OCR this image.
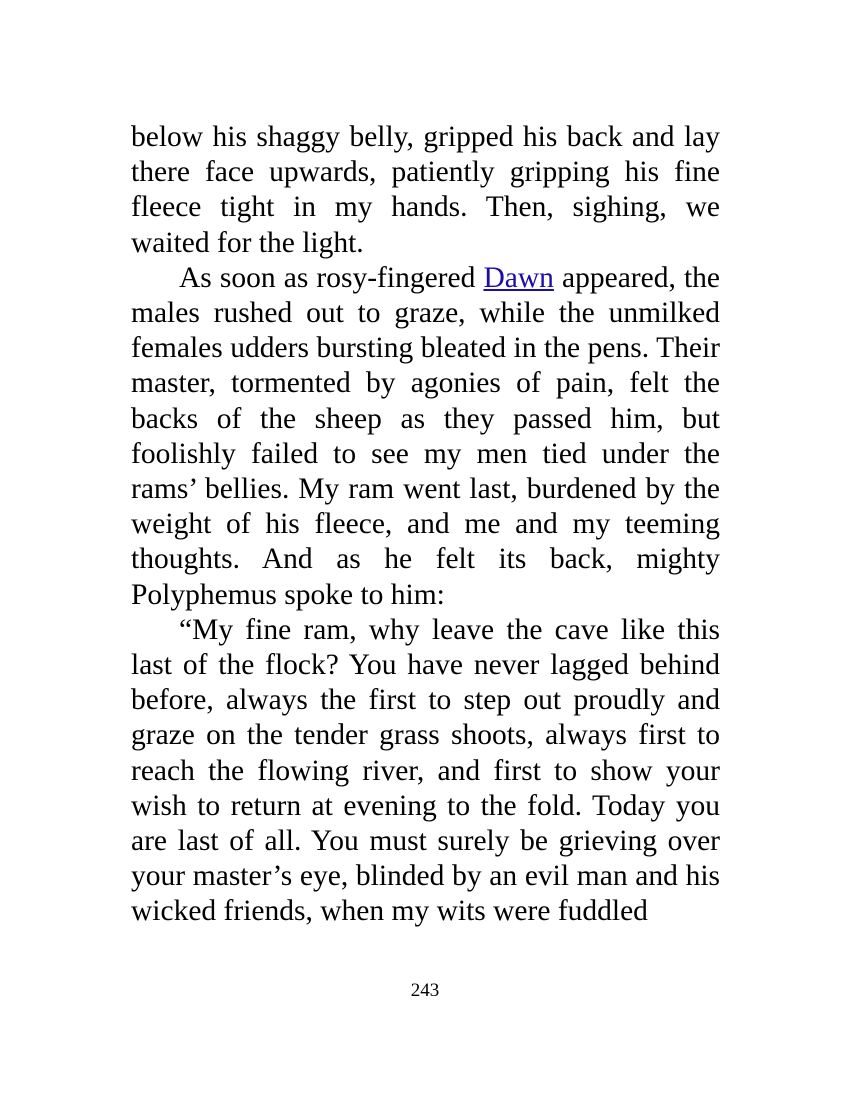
below his shaggy belly, gripped his back and lay there face upwards, patiently gripping his fine fleece tight in my hands. Then, sighing, we waited for the light.

As soon as rosy-fingered Dawn appeared, the males rushed out to graze, while the unmilked females udders bursting bleated in the pens. Their master, tormented by agonies of pain, felt the backs of the sheep as they passed him, but foolishly failed to see my men tied under the rams’ bellies. My ram went last, burdened by the weight of his fleece, and me and my teeming thoughts. And as he felt its back, mighty Polyphemus spoke to him:

“My fine ram, why leave the cave like this last of the flock? You have never lagged behind before, always the first to step out proudly and graze on the tender grass shoots, always first to reach the flowing river, and first to show your wish to return at evening to the fold. Today you are last of all. You must surely be grieving over your master’s eye, blinded by an evil man and his wicked friends, when my wits were fuddled

243
